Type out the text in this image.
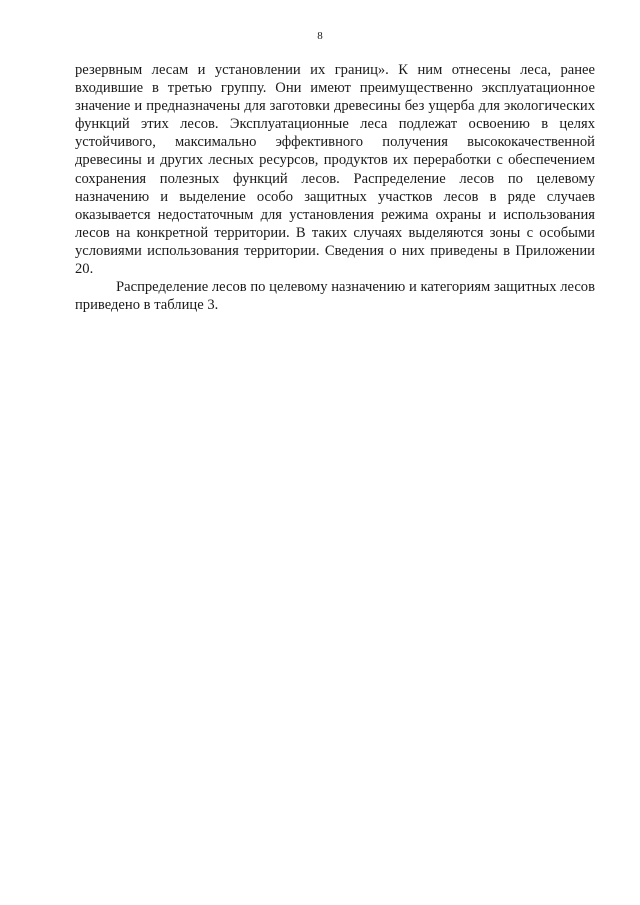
8

резервным лесам и установлении их границ». К ним отнесены леса, ранее входившие в третью группу. Они имеют преимущественно эксплуатационное значение и предназначены для заготовки древесины без ущерба для экологических функций этих лесов. Эксплуатационные леса подлежат освоению в целях устойчивого, максимально эффективного получения высококачественной древесины и других лесных ресурсов, продуктов их переработки с обеспечением сохранения полезных функций лесов. Распределение лесов по целевому назначению и выделение особо защитных участков лесов в ряде случаев оказывается недостаточным для установления режима охраны и использования лесов на конкретной территории. В таких случаях выделяются зоны с особыми условиями использования территории. Сведения о них приведены в Приложении 20.

Распределение лесов по целевому назначению и категориям защитных лесов приведено в таблице 3.
